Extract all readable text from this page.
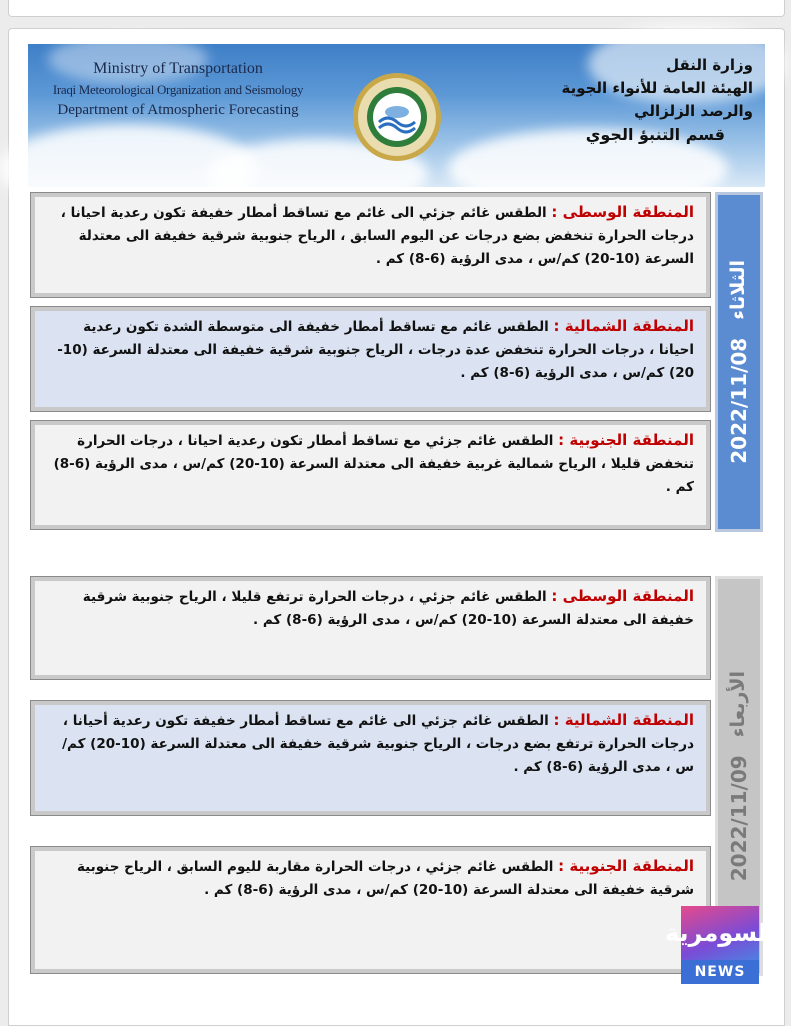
Ministry of Transportation
Iraqi Meteorological Organization and Seismology
Department of Atmospheric Forecasting
وزارة النقل
الهيئة العامة للأنواء الجوية والرصد الزلزالي
قسم التنبؤ الجوي
المنطقة الوسطى : الطقس غائم جزئي الى غائم مع تساقط أمطار خفيفة تكون رعدية احيانا ، درجات الحرارة تنخفض بضع درجات عن اليوم السابق ، الرياح جنوبية شرقية خفيفة الى معتدلة السرعة (10-20) كم/س ، مدى الرؤية (6-8) كم .
المنطقة الشمالية : الطقس غائم مع تساقط أمطار خفيفة الى متوسطة الشدة تكون رعدية احيانا ، درجات الحرارة تنخفض عدة درجات ، الرياح جنوبية شرقية خفيفة الى معتدلة السرعة (10-20) كم/س ، مدى الرؤية (6-8) كم .
المنطقة الجنوبية : الطقس غائم جزئي مع تساقط أمطار تكون رعدية احيانا ، درجات الحرارة تنخفض قليلا ، الرياح شمالية غربية خفيفة الى معتدلة السرعة (10-20) كم/س ، مدى الرؤية (6-8) كم .
2022/11/08
الثلاثاء
المنطقة الوسطى : الطقس غائم جزئي ، درجات الحرارة ترتفع قليلا ، الرياح جنوبية شرقية خفيفة الى معتدلة السرعة (10-20) كم/س ، مدى الرؤية (6-8) كم .
المنطقة الشمالية : الطقس غائم جزئي الى غائم مع تساقط أمطار خفيفة تكون رعدية أحيانا ، درجات الحرارة ترتفع بضع درجات ، الرياح جنوبية شرقية خفيفة الى معتدلة السرعة (10-20) كم/س ، مدى الرؤية (6-8) كم .
المنطقة الجنوبية : الطقس غائم جزئي ، درجات الحرارة مقاربة لليوم السابق ، الرياح جنوبية شرقية خفيفة الى معتدلة السرعة (10-20) كم/س ، مدى الرؤية (6-8) كم .
2022/11/09
الأربعاء
السومرية
NEWS
